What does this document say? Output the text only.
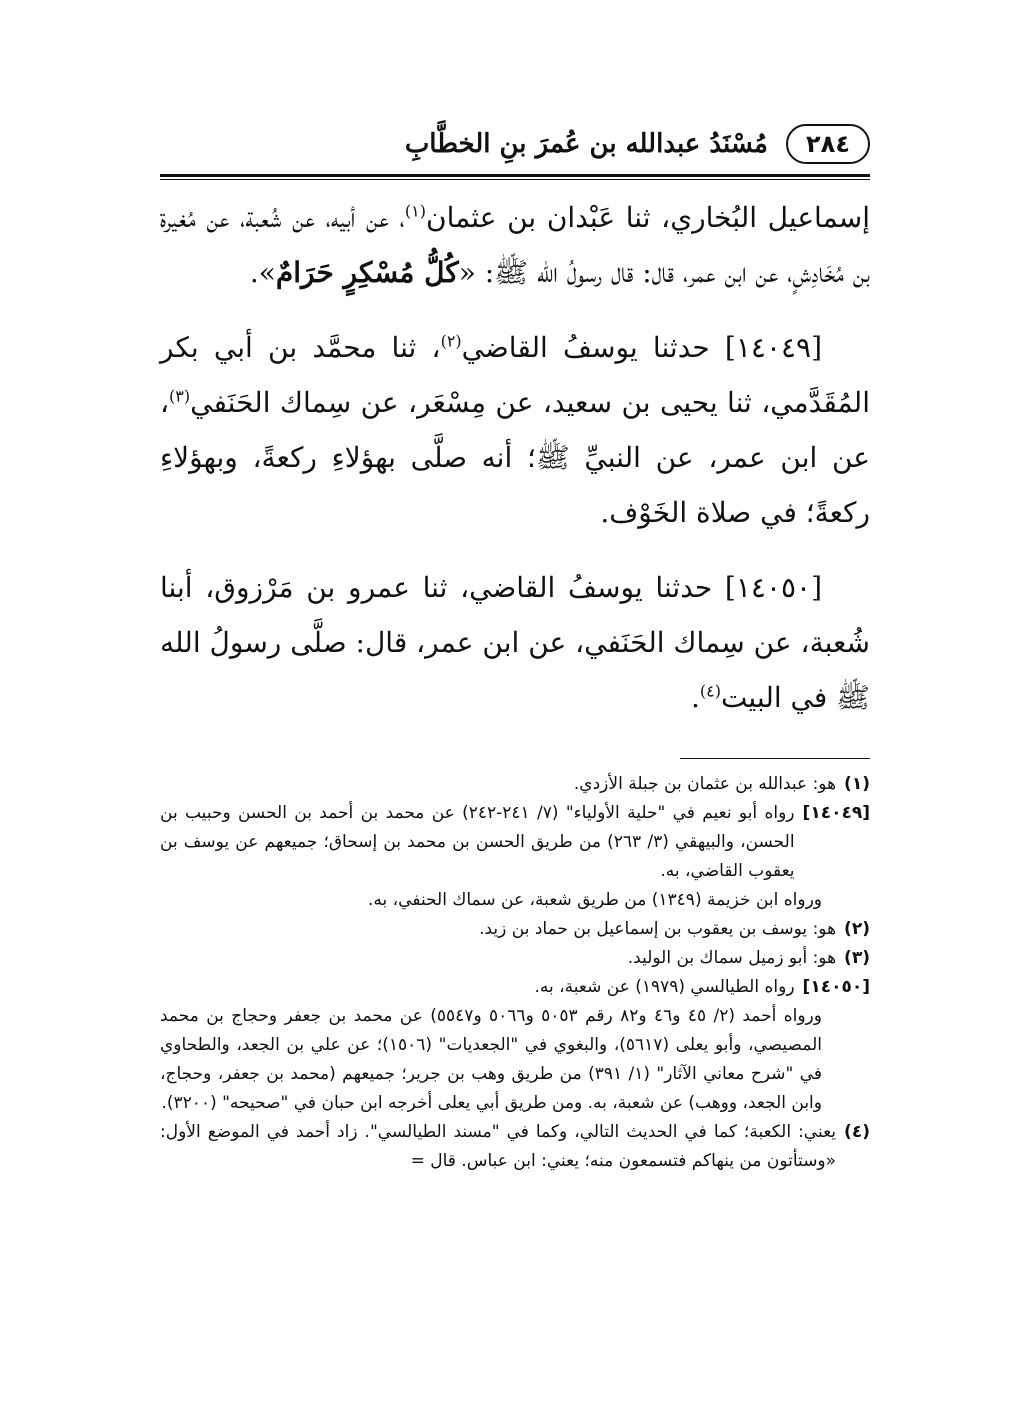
٢٨٤
مُسْنَدُ عبدالله بن عُمرَ بنِ الخطَّابِ

إسماعيل البُخاري، ثنا عَبْدان بن عثمان$^{(١)}$، عن أبيه، عن شُعبة، عن مُغيرة بن مُخَادِشٍ، عن ابن عمر، قال: قال رسولُ الله ﷺ: «كُلُّ مُسْكِرٍ حَرَامٌ».

[١٤٠٤٩] حدثنا يوسفُ القاضي$^{(٢)}$، ثنا محمَّد بن أبي بكر المُقَدَّمي، ثنا يحيى بن سعيد، عن مِسْعَر، عن سِماك الحَنَفي$^{(٣)}$، عن ابن عمر، عن النبيِّ ﷺ؛ أنه صلَّى بهؤلاءِ ركعةً، وبهؤلاءِ ركعةً؛ في صلاة الخَوْف.

[١٤٠٥٠] حدثنا يوسفُ القاضي، ثنا عمرو بن مَرْزوق، أبنا شُعبة، عن سِماك الحَنَفي، عن ابن عمر، قال: صلَّى رسولُ الله ﷺ في البيت$^{(٤)}$.

(١)
هو: عبدالله بن عثمان بن جبلة الأزدي.
[١٤٠٤٩]
رواه أبو نعيم في "حلية الأولياء" (٧/ ٢٤١-٢٤٢) عن محمد بن أحمد بن الحسن وحبيب بن الحسن، والبيهقي (٣/ ٢٦٣) من طريق الحسن بن محمد بن إسحاق؛ جميعهم عن يوسف بن يعقوب القاضي، به.
ورواه ابن خزيمة (١٣٤٩) من طريق شعبة، عن سماك الحنفي، به.
(٢)
هو: يوسف بن يعقوب بن إسماعيل بن حماد بن زيد.
(٣)
هو: أبو زميل سماك بن الوليد.
[١٤٠٥٠]
رواه الطيالسي (١٩٧٩) عن شعبة، به.
ورواه أحمد (٢/ ٤٥ و٤٦ و٨٢ رقم ٥٠٥٣ و٥٠٦٦ و٥٥٤٧) عن محمد بن جعفر وحجاج بن محمد المصيصي، وأبو يعلى (٥٦١٧)، والبغوي في "الجعديات" (١٥٠٦)؛ عن علي بن الجعد، والطحاوي في "شرح معاني الآثار" (١/ ٣٩١) من طريق وهب بن جرير؛ جميعهم (محمد بن جعفر، وحجاج، وابن الجعد، ووهب) عن شعبة، به. ومن طريق أبي يعلى أخرجه ابن حبان في "صحيحه" (٣٢٠٠).
(٤)
يعني: الكعبة؛ كما في الحديث التالي، وكما في "مسند الطيالسي". زاد أحمد في الموضع الأول: «وستأتون من ينهاكم فتسمعون منه؛ يعني: ابن عباس. قال =
